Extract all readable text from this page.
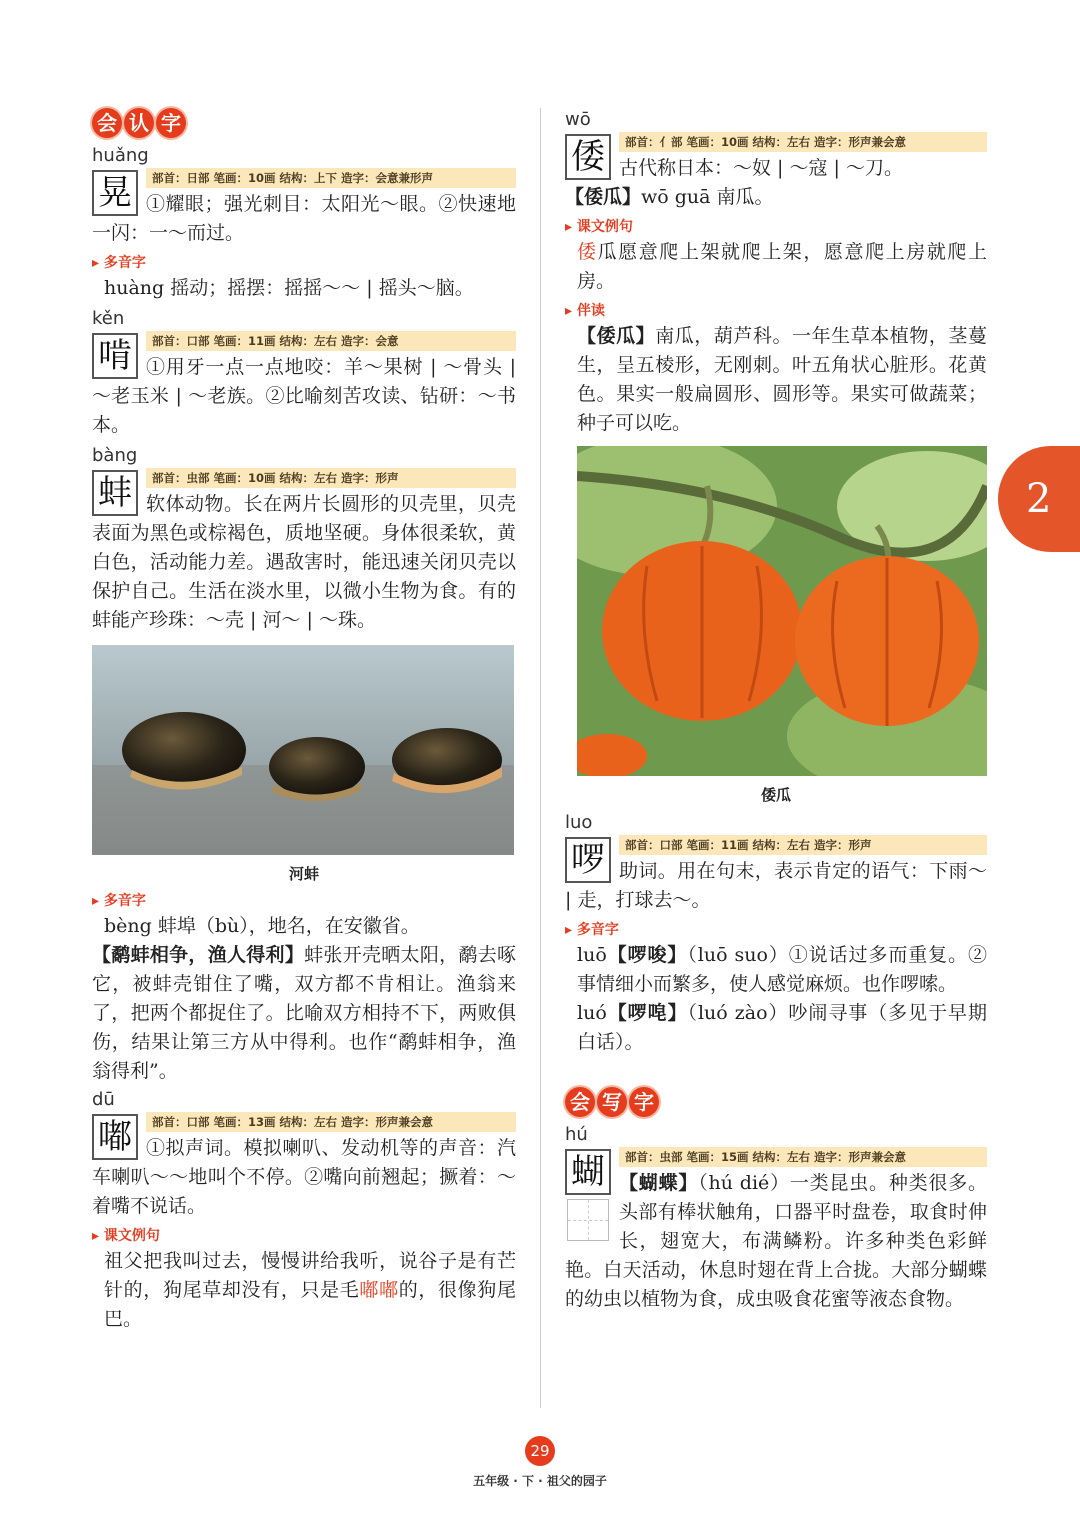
会 认 字
huǎng
晃	部首：日部 笔画：10画 结构：上下 造字：会意兼形声
①耀眼；强光刺目：太阳光～眼。②快速地一闪：一～而过。
▸ 多音字
huàng 摇动；摇摆：摇摇～～ | 摇头～脑。
kěn
啃	部首：口部 笔画：11画 结构：左右 造字：会意
①用牙一点一点地咬：羊～果树 | ～骨头 | ～老玉米 | ～老族。②比喻刻苦攻读、钻研：～书本。
bàng
蚌	部首：虫部 笔画：10画 结构：左右 造字：形声
软体动物。长在两片长圆形的贝壳里，贝壳表面为黑色或棕褐色，质地坚硬。身体很柔软，黄白色，活动能力差。遇敌害时，能迅速关闭贝壳以保护自己。生活在淡水里，以微小生物为食。有的蚌能产珍珠：～壳 | 河～ | ～珠。
河蚌
▸ 多音字
bèng 蚌埠（bù），地名，在安徽省。
【鹬蚌相争，渔人得利】蚌张开壳晒太阳，鹬去啄它，被蚌壳钳住了嘴，双方都不肯相让。渔翁来了，把两个都捉住了。比喻双方相持不下，两败俱伤，结果让第三方从中得利。也作“鹬蚌相争，渔翁得利”。
dū
嘟	部首：口部 笔画：13画 结构：左右 造字：形声兼会意
①拟声词。模拟喇叭、发动机等的声音：汽车喇叭～～地叫个不停。②嘴向前翘起；撅着：～着嘴不说话。
▸ 课文例句
祖父把我叫过去，慢慢讲给我听，说谷子是有芒针的，狗尾草却没有，只是毛嘟嘟的，很像狗尾巴。
wō
倭	部首：亻部 笔画：10画 结构：左右 造字：形声兼会意
古代称日本：～奴 | ～寇 | ～刀。
【倭瓜】wō guā 南瓜。
▸ 课文例句
倭瓜愿意爬上架就爬上架，愿意爬上房就爬上房。
▸ 伴读
【倭瓜】南瓜，葫芦科。一年生草本植物，茎蔓生，呈五棱形，无刚刺。叶五角状心脏形。花黄色。果实一般扁圆形、圆形等。果实可做蔬菜；种子可以吃。
倭瓜
luo
啰	部首：口部 笔画：11画 结构：左右 造字：形声
助词。用在句末，表示肯定的语气：下雨～ | 走，打球去～。
▸ 多音字
luō【啰唆】（luō suo）①说话过多而重复。②事情细小而繁多，使人感觉麻烦。也作啰嗦。
luó【啰唣】（luó zào）吵闹寻事（多见于早期白话）。
会 写 字
hú
蝴	部首：虫部 笔画：15画 结构：左右 造字：形声兼会意
【蝴蝶】（hú dié）一类昆虫。种类很多。头部有棒状触角，口器平时盘卷，取食时伸长，翅宽大，布满鳞粉。许多种类色彩鲜艳。白天活动，休息时翅在背上合拢。大部分蝴蝶的幼虫以植物为食，成虫吸食花蜜等液态食物。
2
29
五年级 · 下 · 祖父的园子
